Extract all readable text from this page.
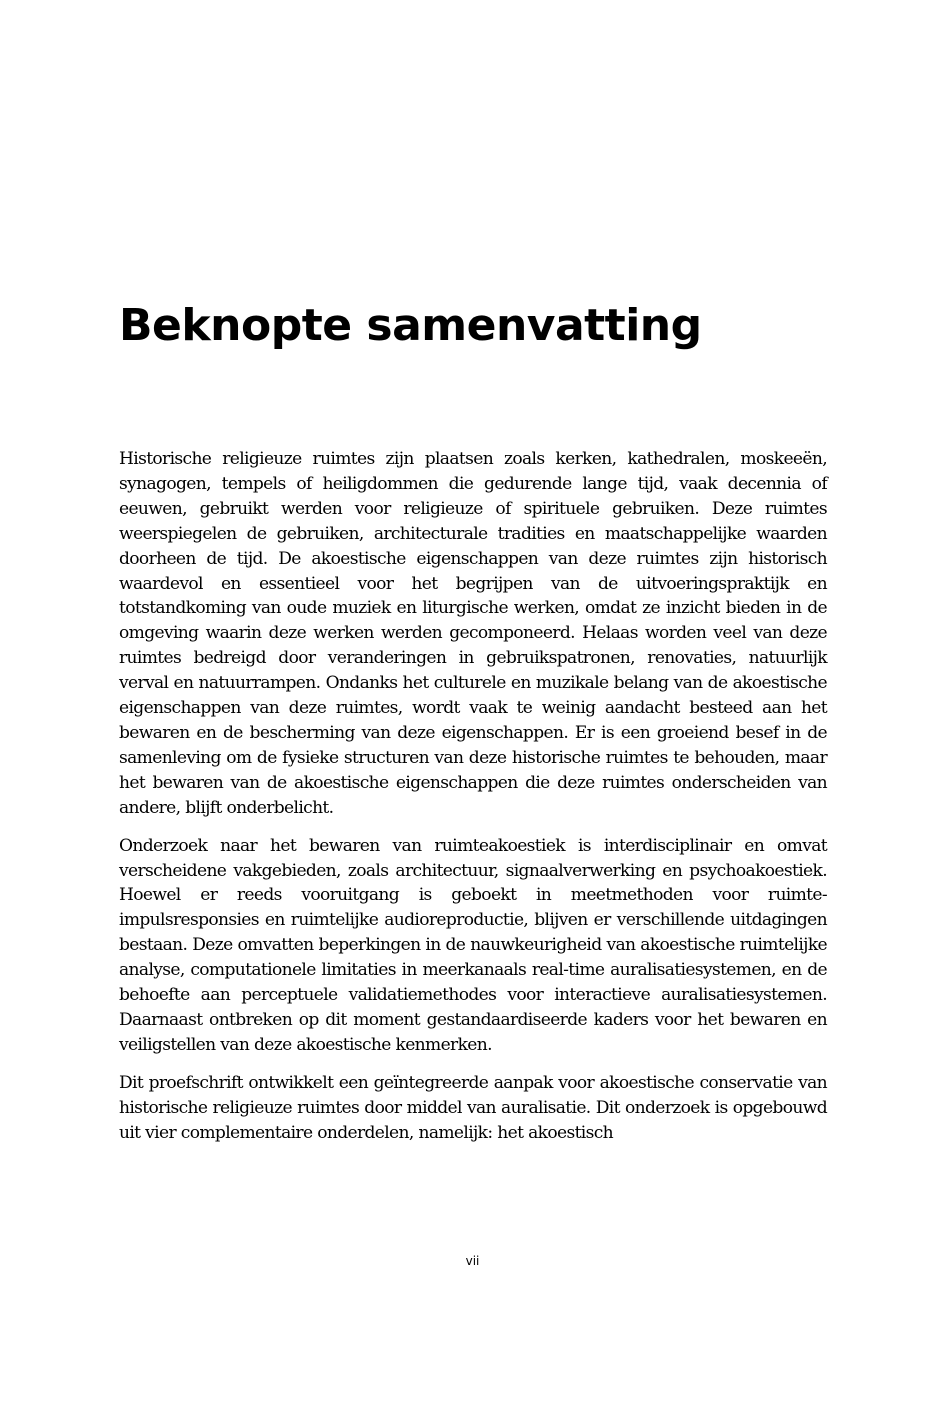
Beknopte samenvatting

Historische religieuze ruimtes zijn plaatsen zoals kerken, kathedralen, moskeeën, synagogen, tempels of heiligdommen die gedurende lange tijd, vaak decennia of eeuwen, gebruikt werden voor religieuze of spirituele gebruiken. Deze ruimtes weerspiegelen de gebruiken, architecturale tradities en maatschappelijke waarden doorheen de tijd. De akoestische eigenschappen van deze ruimtes zijn historisch waardevol en essentieel voor het begrijpen van de uitvoeringspraktijk en totstandkoming van oude muziek en liturgische werken, omdat ze inzicht bieden in de omgeving waarin deze werken werden gecomponeerd. Helaas worden veel van deze ruimtes bedreigd door veranderingen in gebruikspatronen, renovaties, natuurlijk verval en natuurrampen. Ondanks het culturele en muzikale belang van de akoestische eigenschappen van deze ruimtes, wordt vaak te weinig aandacht besteed aan het bewaren en de bescherming van deze eigenschappen. Er is een groeiend besef in de samenleving om de fysieke structuren van deze historische ruimtes te behouden, maar het bewaren van de akoestische eigenschappen die deze ruimtes onderscheiden van andere, blijft onderbelicht.

Onderzoek naar het bewaren van ruimteakoestiek is interdisciplinair en omvat verscheidene vakgebieden, zoals architectuur, signaalverwerking en psychoakoestiek. Hoewel er reeds vooruitgang is geboekt in meetmethoden voor ruimte-impulsresponsies en ruimtelijke audioreproductie, blijven er verschillende uitdagingen bestaan. Deze omvatten beperkingen in de nauwkeurigheid van akoestische ruimtelijke analyse, computationele limitaties in meerkanaals real-time auralisatiesystemen, en de behoefte aan perceptuele validatiemethodes voor interactieve auralisatiesystemen. Daarnaast ontbreken op dit moment gestandaardiseerde kaders voor het bewaren en veiligstellen van deze akoestische kenmerken.

Dit proefschrift ontwikkelt een geïntegreerde aanpak voor akoestische conservatie van historische religieuze ruimtes door middel van auralisatie. Dit onderzoek is opgebouwd uit vier complementaire onderdelen, namelijk: het akoestisch

vii
